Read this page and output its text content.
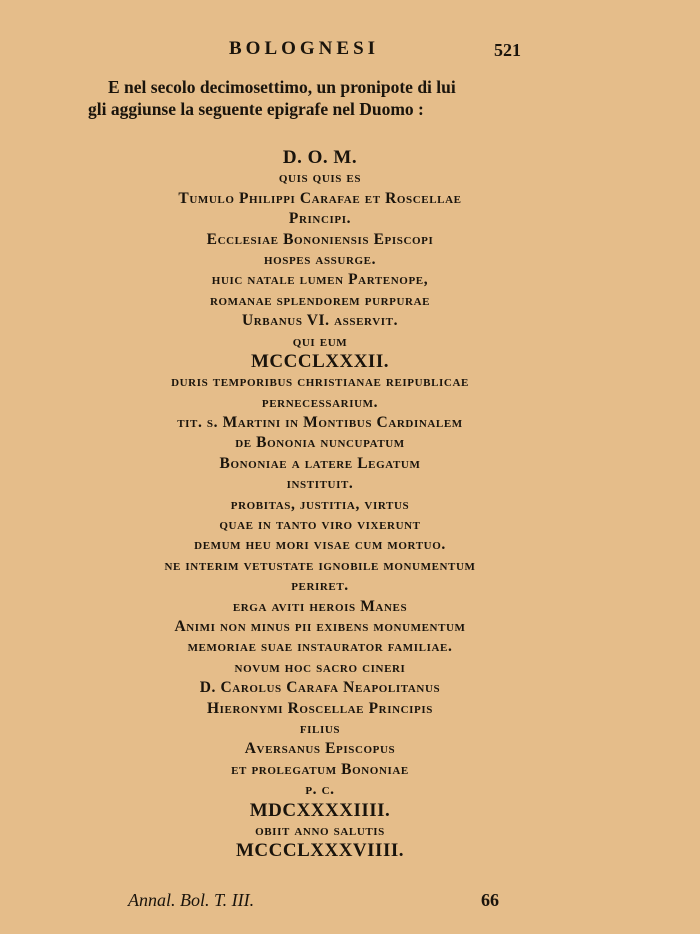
BOLOGNESI	521
E nel secolo decimosettimo, un pronipote di lui
gli aggiunse la seguente epigrafe nel Duomo :
D. O. M.
quis quis es
Tumulo Philippi Carafae et Roscellae
Principi.
Ecclesiae Bononiensis Episcopi
hospes assurge.
huic natale lumen Partenope,
romanae splendorem purpurae
Urbanus VI. asservit.
qui eum
MCCCLXXXII.
duris temporibus christianae reipublicae
pernecessarium.
tit. s. Martini in Montibus Cardinalem
de Bononia nuncupatum
Bononiae a latere Legatum
instituit.
probitas, justitia, virtus
quae in tanto viro vixerunt
demum heu mori visae cum mortuo.
ne interim vetustate ignobile monumentum
periret.
erga aviti herois Manes
Animi non minus pii exibens monumentum
memoriae suae instaurator familiae.
novum hoc sacro cineri
D. Carolus Carafa Neapolitanus
Hieronymi Roscellae Principis
filius
Aversanus Episcopus
et prolegatum Bononiae
p. c.
MDCXXXXIIII.
obiit anno salutis
MCCCLXXXVIIII.
Annal. Bol. T. III.	66
